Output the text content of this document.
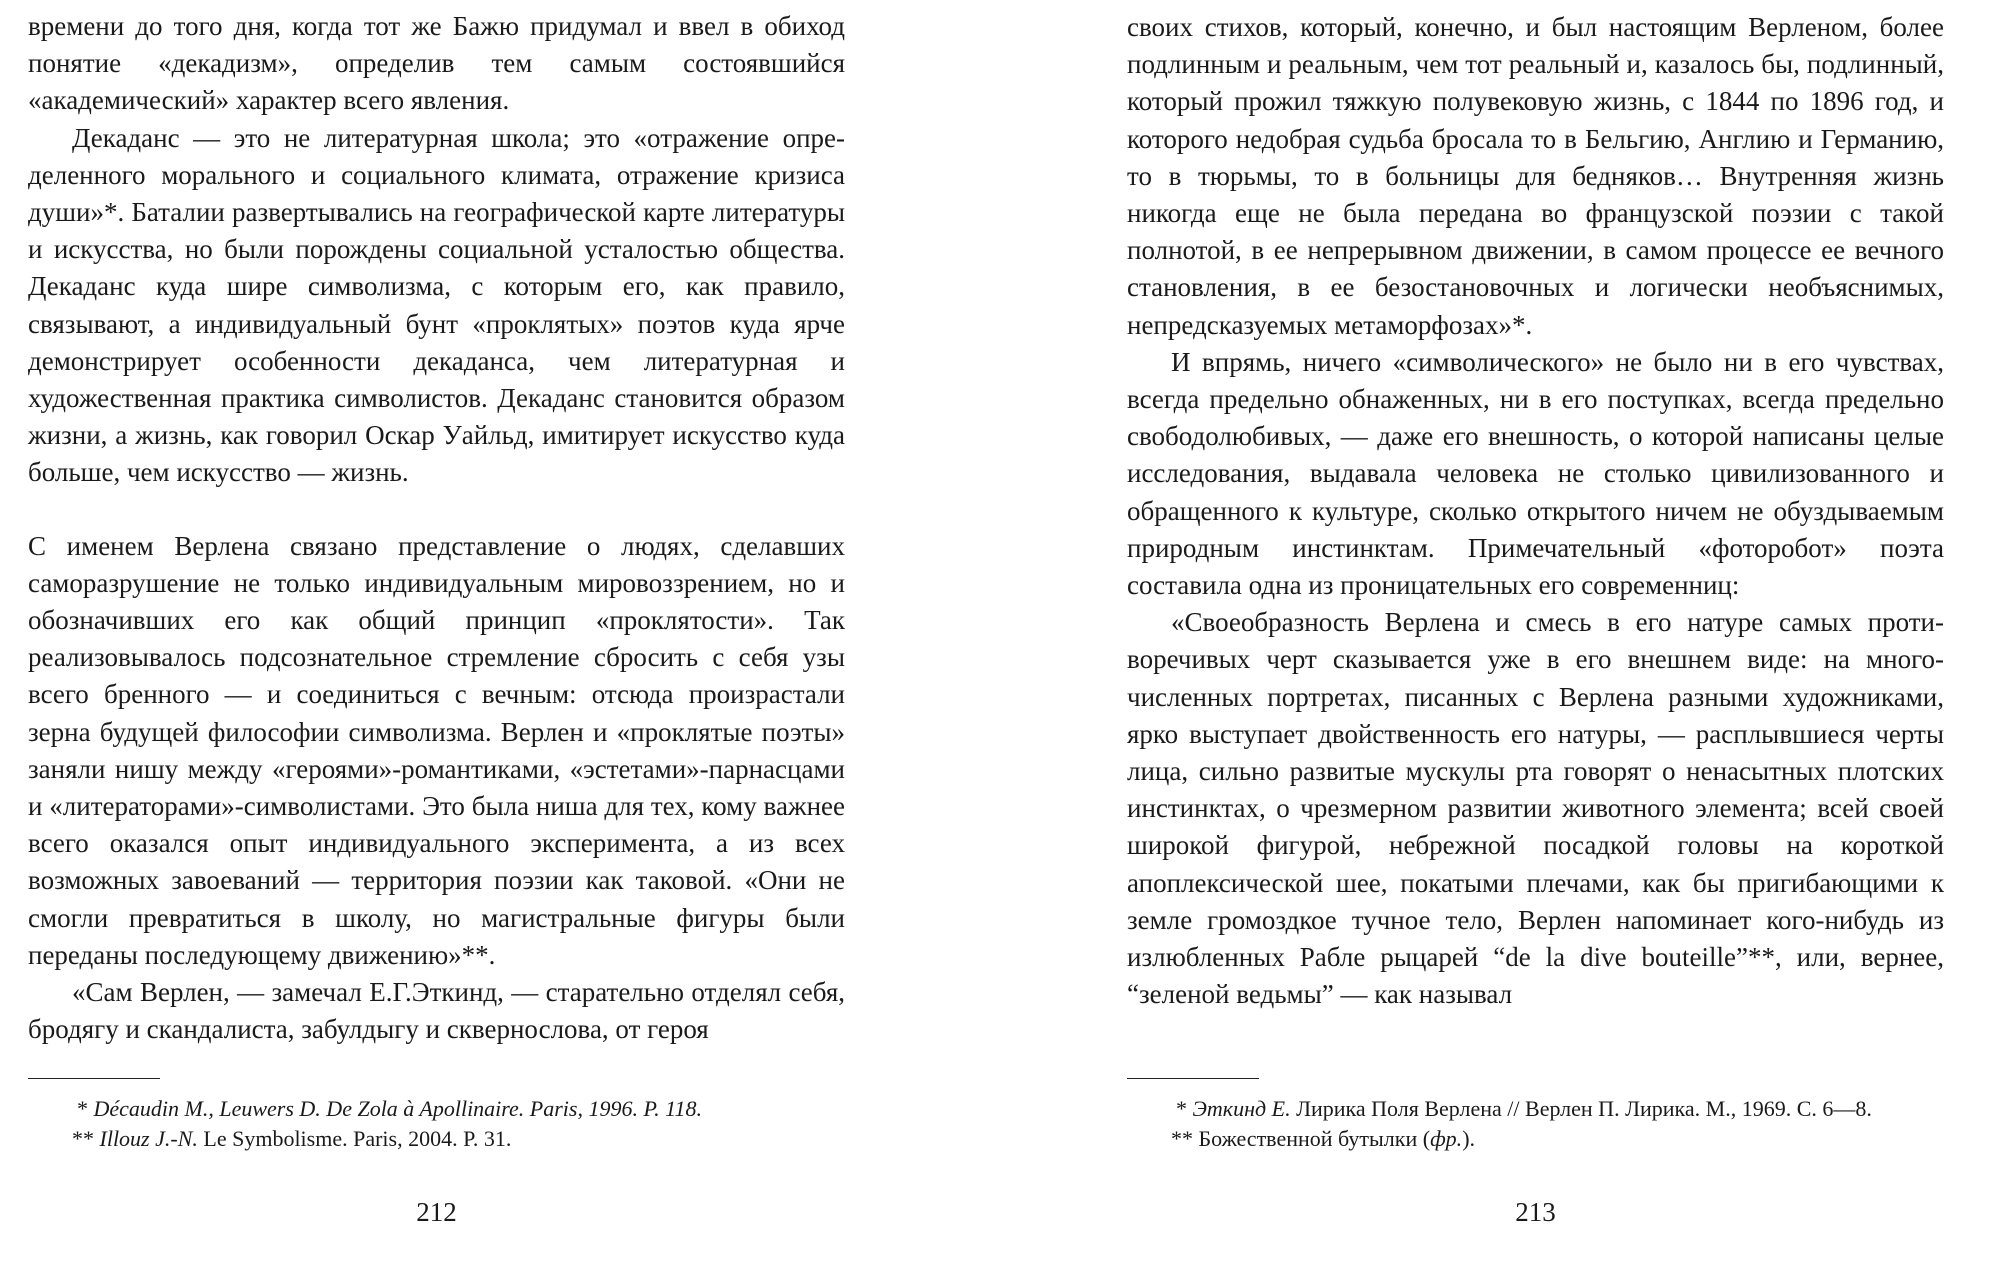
времени до того дня, когда тот же Бажю придумал и ввел в обиход понятие «декадизм», определив тем самым состоявшийся «академический» характер всего явления.

Декаданс — это не литературная школа; это «отражение определенного морального и социального климата, отражение кризиса души»*. Баталии развертывались на географической карте литературы и искусства, но были порождены социальной усталостью общества. Декаданс куда шире символизма, с которым его, как правило, связывают, а индивидуальный бунт «проклятых» поэтов куда ярче демонстрирует особенности декаданса, чем литературная и художественная практика символистов. Декаданс становится образом жизни, а жизнь, как говорил Оскар Уайльд, имитирует искусство куда больше, чем искусство — жизнь.

С именем Верлена связано представление о людях, сделавших саморазрушение не только индивидуальным мировоззрением, но и обозначивших его как общий принцип «проклятости». Так реализовывалось подсознательное стремление сбросить с себя узы всего бренного — и соединиться с вечным: отсюда произрастали зерна будущей философии символизма. Верлен и «проклятые поэты» заняли нишу между «героями»-романтиками, «эстетами»-парнасцами и «литераторами»-символистами. Это была ниша для тех, кому важнее всего оказался опыт индивидуального эксперимента, а из всех возможных завоеваний — территория поэзии как таковой. «Они не смогли превратиться в школу, но магистральные фигуры были переданы последующему движению»**.

«Сам Верлен, — замечал Е.Г.Эткинд, — старательно отделял себя, бродягу и скандалиста, забулдыгу и сквернослова, от героя

* Décaudin M., Leuwers D. De Zola à Apollinaire. Paris, 1996. P. 118.

** Illouz J.-N. Le Symbolisme. Paris, 2004. P. 31.

212

своих стихов, который, конечно, и был настоящим Верленом, более подлинным и реальным, чем тот реальный и, казалось бы, подлинный, который прожил тяжкую полувековую жизнь, с 1844 по 1896 год, и которого недобрая судьба бросала то в Бельгию, Англию и Германию, то в тюрьмы, то в больницы для бедняков… Внутренняя жизнь никогда еще не была передана во французской поэзии с такой полнотой, в ее непрерывном движении, в самом процессе ее вечного становления, в ее безостановочных и логически необъяснимых, непредсказуемых метаморфозах»*.

И впрямь, ничего «символического» не было ни в его чувствах, всегда предельно обнаженных, ни в его поступках, всегда предельно свободолюбивых, — даже его внешность, о которой написаны целые исследования, выдавала человека не столько цивилизованного и обращенного к культуре, сколько открытого ничем не обуздываемым природным инстинктам. Примечательный «фоторобот» поэта составила одна из проницательных его современниц:

«Своеобразность Верлена и смесь в его натуре самых противоречивых черт сказывается уже в его внешнем виде: на многочисленных портретах, писанных с Верлена разными художниками, ярко выступает двойственность его натуры, — расплывшиеся черты лица, сильно развитые мускулы рта говорят о ненасытных плотских инстинктах, о чрезмерном развитии животного элемента; всей своей широкой фигурой, небрежной посадкой головы на короткой апоплексической шее, покатыми плечами, как бы пригибающими к земле громоздкое тучное тело, Верлен напоминает кого-нибудь из излюбленных Рабле рыцарей “de la dive bouteille”**, или, вернее, “зеленой ведьмы” — как называл

* Эткинд Е. Лирика Поля Верлена // Верлен П. Лирика. М., 1969. С. 6—8.

** Божественной бутылки (фр.).

213
